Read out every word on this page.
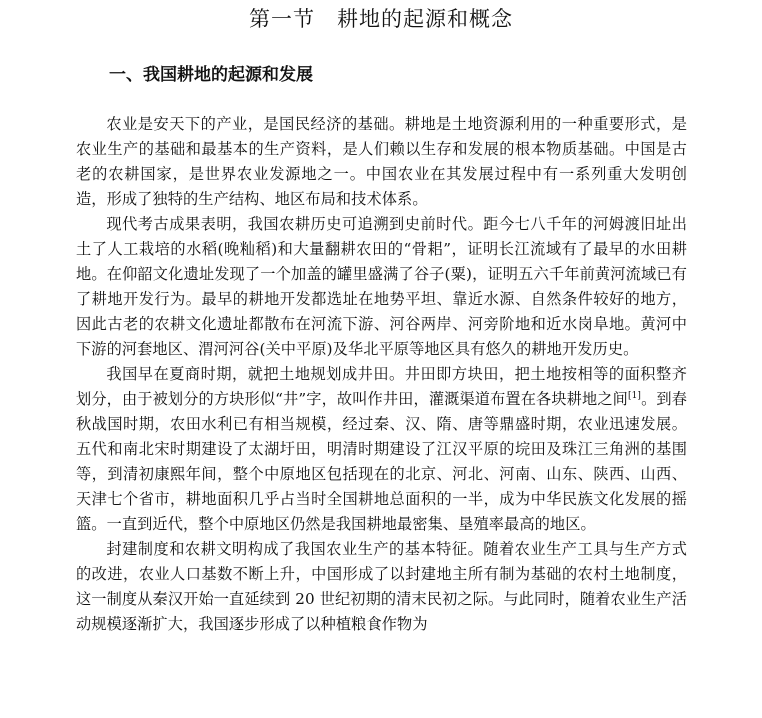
第一节　耕地的起源和概念
一、我国耕地的起源和发展

农业是安天下的产业，是国民经济的基础。耕地是土地资源利用的一种重要形式，是农业生产的基础和最基本的生产资料，是人们赖以生存和发展的根本物质基础。中国是古老的农耕国家，是世界农业发源地之一。中国农业在其发展过程中有一系列重大发明创造，形成了独特的生产结构、地区布局和技术体系。

现代考古成果表明，我国农耕历史可追溯到史前时代。距今七八千年的河姆渡旧址出土了人工栽培的水稻(晚籼稻)和大量翻耕农田的“骨耜”，证明长江流域有了最早的水田耕地。在仰韶文化遗址发现了一个加盖的罐里盛满了谷子(粟)，证明五六千年前黄河流域已有了耕地开发行为。最早的耕地开发都选址在地势平坦、靠近水源、自然条件较好的地方，因此古老的农耕文化遗址都散布在河流下游、河谷两岸、河旁阶地和近水岗阜地。黄河中下游的河套地区、渭河河谷(关中平原)及华北平原等地区具有悠久的耕地开发历史。

我国早在夏商时期，就把土地规划成井田。井田即方块田，把土地按相等的面积整齐划分，由于被划分的方块形似“井”字，故叫作井田，灌溉渠道布置在各块耕地之间[1]。到春秋战国时期，农田水利已有相当规模，经过秦、汉、隋、唐等鼎盛时期，农业迅速发展。五代和南北宋时期建设了太湖圩田，明清时期建设了江汉平原的垸田及珠江三角洲的基围等，到清初康熙年间，整个中原地区包括现在的北京、河北、河南、山东、陕西、山西、天津七个省市，耕地面积几乎占当时全国耕地总面积的一半，成为中华民族文化发展的摇篮。一直到近代，整个中原地区仍然是我国耕地最密集、垦殖率最高的地区。

封建制度和农耕文明构成了我国农业生产的基本特征。随着农业生产工具与生产方式的改进，农业人口基数不断上升，中国形成了以封建地主所有制为基础的农村土地制度，这一制度从秦汉开始一直延续到 20 世纪初期的清末民初之际。与此同时，随着农业生产活动规模逐渐扩大，我国逐步形成了以种植粮食作物为
